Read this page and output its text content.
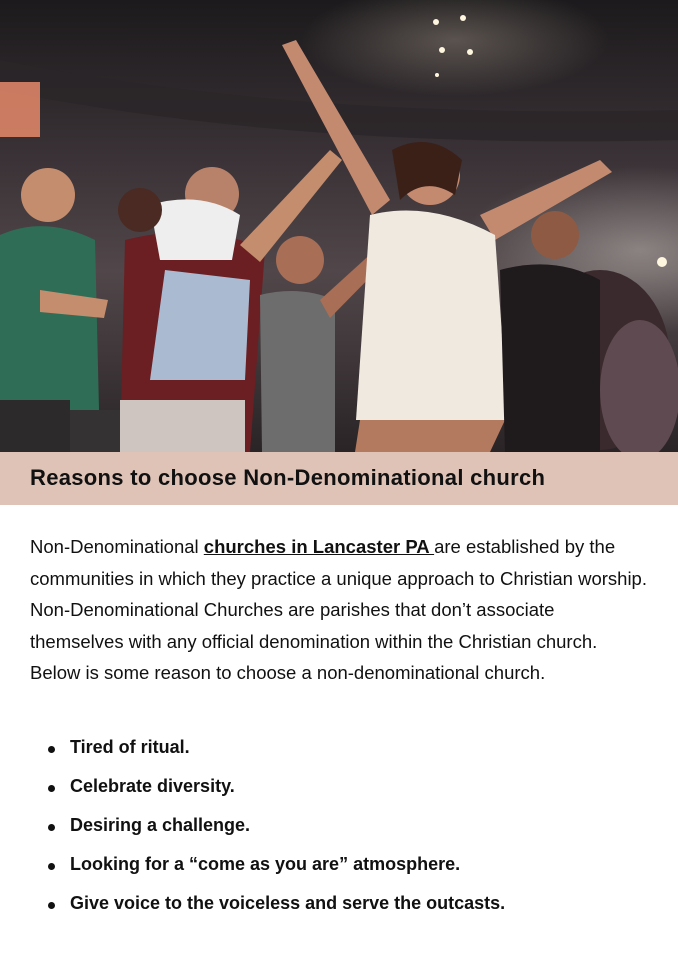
Reasons to choose Non-Denominational church

Non-Denominational churches in Lancaster PA are established by the communities in which they practice a unique approach to Christian worship. Non-Denominational Churches are parishes that don’t associate themselves with any official denomination within the Christian church. Below is some reason to choose a non-denominational church.

Tired of ritual.
Celebrate diversity.
Desiring a challenge.
Looking for a “come as you are” atmosphere.
Give voice to the voiceless and serve the outcasts.
